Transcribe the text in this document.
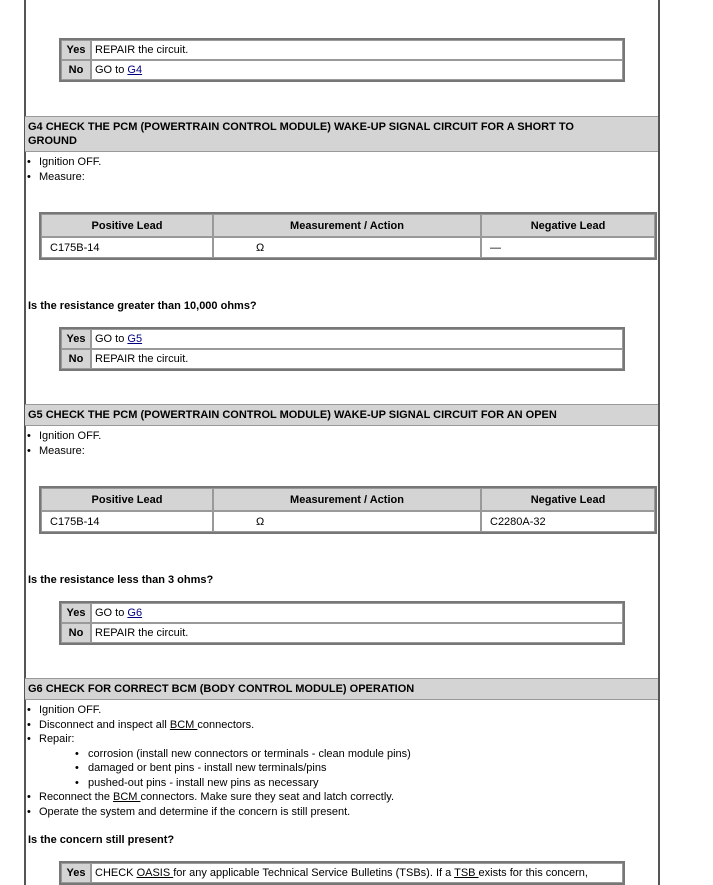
Yes	REPAIR the circuit.
No	GO to G4
G4 CHECK THE PCM (POWERTRAIN CONTROL MODULE) WAKE-UP SIGNAL CIRCUIT FOR A SHORT TO
GROUND
• Ignition OFF.
• Measure:
Positive Lead	Measurement / Action	Negative Lead
C175B-14	Ω	—
Is the resistance greater than 10,000 ohms?
Yes	GO to G5
No	REPAIR the circuit.
G5 CHECK THE PCM (POWERTRAIN CONTROL MODULE) WAKE-UP SIGNAL CIRCUIT FOR AN OPEN
• Ignition OFF.
• Measure:
Positive Lead	Measurement / Action	Negative Lead
C175B-14	Ω	C2280A-32
Is the resistance less than 3 ohms?
Yes	GO to G6
No	REPAIR the circuit.
G6 CHECK FOR CORRECT BCM (BODY CONTROL MODULE) OPERATION
• Ignition OFF.
• Disconnect and inspect all BCM connectors.
• Repair:
• corrosion (install new connectors or terminals - clean module pins)
• damaged or bent pins - install new terminals/pins
• pushed-out pins - install new pins as necessary
• Reconnect the BCM connectors. Make sure they seat and latch correctly.
• Operate the system and determine if the concern is still present.
Is the concern still present?
Yes	CHECK OASIS for any applicable Technical Service Bulletins (TSBs). If a TSB exists for this concern,
